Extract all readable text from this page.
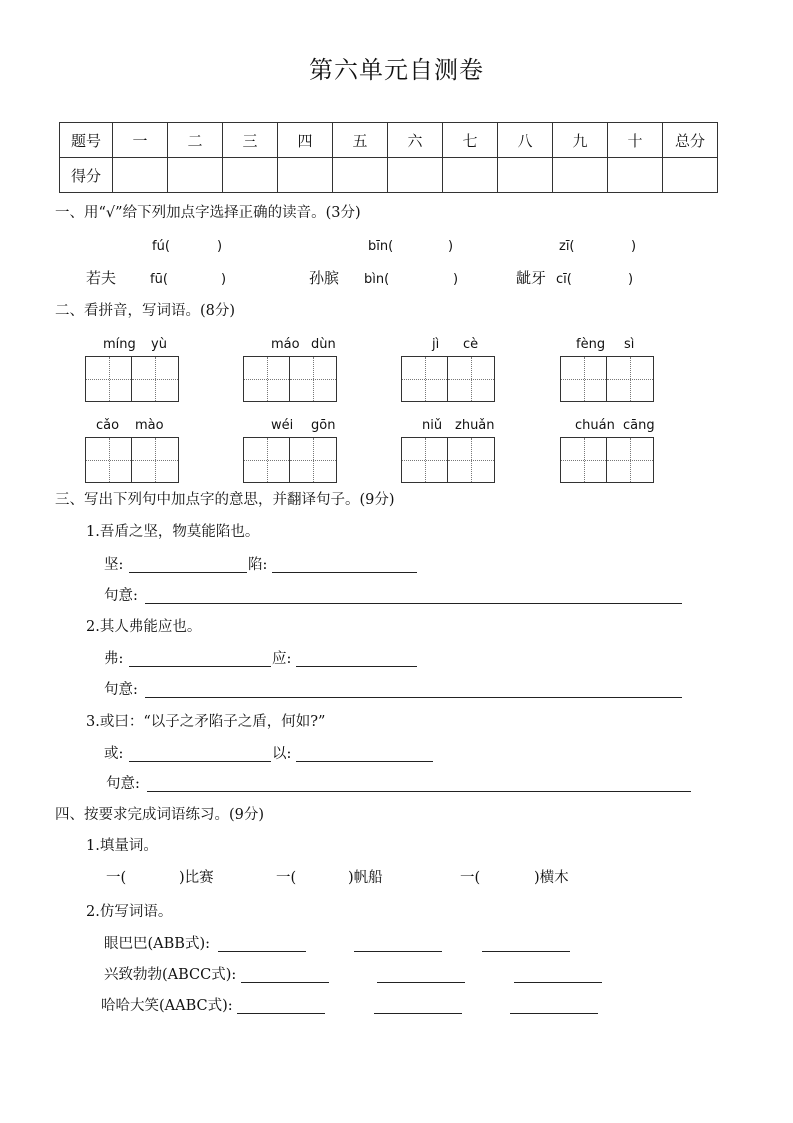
第六单元自测卷
题号	一	二	三	四	五	六	七	八	九	十	总分
得分											
一、用“√”给下列加点字选择正确的读音。(3分)
fú(	)	bīn(	)	zī(	)
若夫	fū(	)	孙膑 bìn(	)	龇牙 cī(	)
二、看拼音，写词语。(8分)
míng yù	máo dùn	jì cè	fèng sì
cǎo mào	wéi gōn	niǔ zhuǎn	chuán cāng
三、写出下列句中加点字的意思，并翻译句子。(9分)
1.吾盾之坚，物莫能陷也。
坚:	陷:
句意:
2.其人弗能应也。
弗:	应:
句意:
3.或曰：“以子之矛陷子之盾，何如?”
或:	以:
句意:
四、按要求完成词语练习。(9分)
1.填量词。
一(	)比赛	一(	)帆船	一(	)横木
2.仿写词语。
眼巴巴(ABB式):
兴致勃勃(ABCC式):
哈哈大笑(AABC式):
